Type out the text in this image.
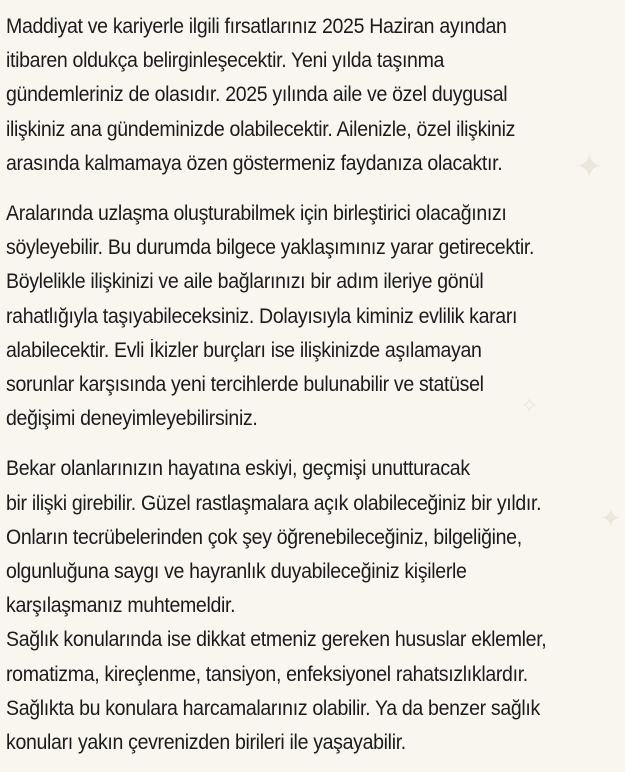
✦
✦
✧

Maddiyat ve kariyerle ilgili fırsatlarınız 2025 Haziran ayından
itibaren oldukça belirginleşecektir. Yeni yılda taşınma
gündemleriniz de olasıdır. 2025 yılında aile ve özel duygusal
ilişkiniz ana gündeminizde olabilecektir. Ailenizle, özel ilişkiniz
arasında kalmamaya özen göstermeniz faydanıza olacaktır.

Aralarında uzlaşma oluşturabilmek için birleştirici olacağınızı
söyleyebilir. Bu durumda bilgece yaklaşımınız yarar getirecektir.
Böylelikle ilişkinizi ve aile bağlarınızı bir adım ileriye gönül
rahatlığıyla taşıyabileceksiniz. Dolayısıyla kiminiz evlilik kararı
alabilecektir. Evli İkizler burçları ise ilişkinizde aşılamayan
sorunlar karşısında yeni tercihlerde bulunabilir ve statüsel
değişimi deneyimleyebilirsiniz.

Bekar olanlarınızın hayatına eskiyi, geçmişi unutturacak
bir ilişki girebilir. Güzel rastlaşmalara açık olabileceğiniz bir yıldır.
Onların tecrübelerinden çok şey öğrenebileceğiniz, bilgeliğine,
olgunluğuna saygı ve hayranlık duyabileceğiniz kişilerle
karşılaşmanız muhtemeldir.
Sağlık konularında ise dikkat etmeniz gereken hususlar eklemler,
romatizma, kireçlenme, tansiyon, enfeksiyonel rahatsızlıklardır.
Sağlıkta bu konulara harcamalarınız olabilir. Ya da benzer sağlık
konuları yakın çevrenizden birileri ile yaşayabilir.
